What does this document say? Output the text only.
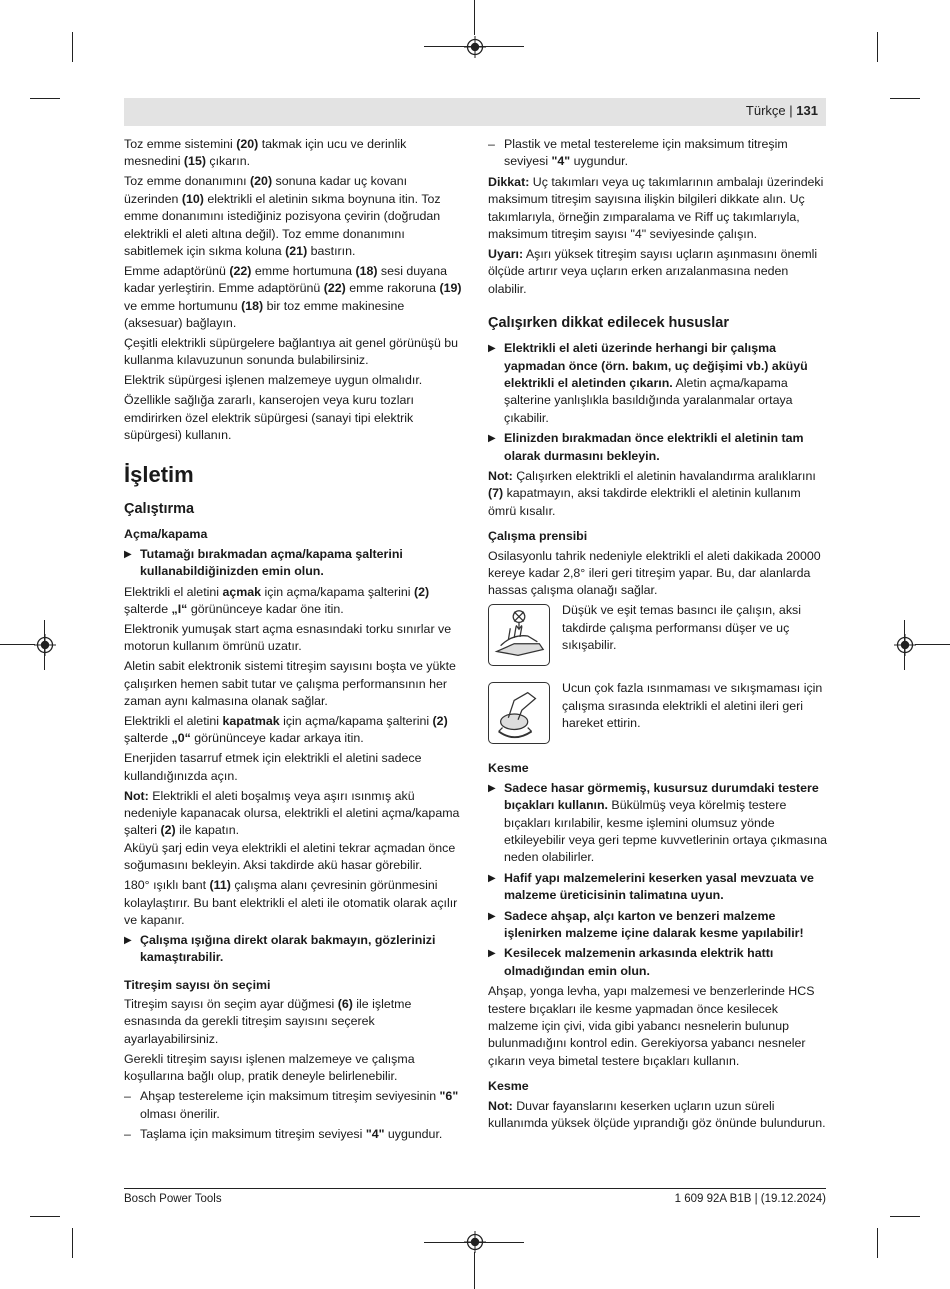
Türkçe | 131

Toz emme sistemini (20) takmak için ucu ve derinlik mesnedini (15) çıkarın.

Toz emme donanımını (20) sonuna kadar uç kovanı üzerinden (10) elektrikli el aletinin sıkma boynuna itin. Toz emme donanımını istediğiniz pozisyona çevirin (doğrudan elektrikli el aleti altına değil). Toz emme donanımını sabitlemek için sıkma koluna (21) bastırın.

Emme adaptörünü (22) emme hortumuna (18) sesi duyana kadar yerleştirin. Emme adaptörünü (22) emme rakoruna (19) ve emme hortumunu (18) bir toz emme makinesine (aksesuar) bağlayın.

Çeşitli elektrikli süpürgelere bağlantıya ait genel görünüşü bu kullanma kılavuzunun sonunda bulabilirsiniz.

Elektrik süpürgesi işlenen malzemeye uygun olmalıdır.

Özellikle sağlığa zararlı, kanserojen veya kuru tozları emdirirken özel elektrik süpürgesi (sanayi tipi elektrik süpürgesi) kullanın.

İşletim
Çalıştırma
Açma/kapama
▶ Tutamağı bırakmadan açma/kapama şalterini kullanabildiğinizden emin olun.

Elektrikli el aletini açmak için açma/kapama şalterini (2) şalterde „I“ görününceye kadar öne itin.

Elektronik yumuşak start açma esnasındaki torku sınırlar ve motorun kullanım ömrünü uzatır.

Aletin sabit elektronik sistemi titreşim sayısını boşta ve yükte çalışırken hemen sabit tutar ve çalışma performansının her zaman aynı kalmasına olanak sağlar.

Elektrikli el aletini kapatmak için açma/kapama şalterini (2) şalterde „0“ görününceye kadar arkaya itin.

Enerjiden tasarruf etmek için elektrikli el aletini sadece kullandığınızda açın.

Not: Elektrikli el aleti boşalmış veya aşırı ısınmış akü nedeniyle kapanacak olursa, elektrikli el aletini açma/kapama şalteri (2) ile kapatın.

Aküyü şarj edin veya elektrikli el aletini tekrar açmadan önce soğumasını bekleyin. Aksi takdirde akü hasar görebilir.

180° ışıklı bant (11) çalışma alanı çevresinin görünmesini kolaylaştırır. Bu bant elektrikli el aleti ile otomatik olarak açılır ve kapanır.

▶ Çalışma ışığına direkt olarak bakmayın, gözlerinizi kamaştırabilir.
Titreşim sayısı ön seçimi

Titreşim sayısı ön seçim ayar düğmesi (6) ile işletme esnasında da gerekli titreşim sayısını seçerek ayarlayabilirsiniz.

Gerekli titreşim sayısı işlenen malzemeye ve çalışma koşullarına bağlı olup, pratik deneyle belirlenebilir.

– Ahşap testereleme için maksimum titreşim seviyesinin "6" olması önerilir.
– Taşlama için maksimum titreşim seviyesi "4" uygundur.
– Plastik ve metal testereleme için maksimum titreşim seviyesi "4" uygundur.

Dikkat: Uç takımları veya uç takımlarının ambalajı üzerindeki maksimum titreşim sayısına ilişkin bilgileri dikkate alın. Uç takımlarıyla, örneğin zımparalama ve Riff uç takımlarıyla, maksimum titreşim sayısı "4" seviyesinde çalışın.

Uyarı: Aşırı yüksek titreşim sayısı uçların aşınmasını önemli ölçüde artırır veya uçların erken arızalanmasına neden olabilir.

Çalışırken dikkat edilecek hususlar
▶ Elektrikli el aleti üzerinde herhangi bir çalışma yapmadan önce (örn. bakım, uç değişimi vb.) aküyü elektrikli el aletinden çıkarın. Aletin açma/kapama şalterine yanlışlıkla basıldığında yaralanmalar ortaya çıkabilir.
▶ Elinizden bırakmadan önce elektrikli el aletinin tam olarak durmasını bekleyin.

Not: Çalışırken elektrikli el aletinin havalandırma aralıklarını (7) kapatmayın, aksi takdirde elektrikli el aletinin kullanım ömrü kısalır.

Çalışma prensibi

Osilasyonlu tahrik nedeniyle elektrikli el aleti dakikada 20000 kereye kadar 2,8° ileri geri titreşim yapar. Bu, dar alanlarda hassas çalışma olanağı sağlar.

Düşük ve eşit temas basıncı ile çalışın, aksi takdirde çalışma performansı düşer ve uç sıkışabilir.
Ucun çok fazla ısınmaması ve sıkışmaması için çalışma sırasında elektrikli el aletini ileri geri hareket ettirin.
Kesme
▶ Sadece hasar görmemiş, kusursuz durumdaki testere bıçakları kullanın. Bükülmüş veya körelmiş testere bıçakları kırılabilir, kesme işlemini olumsuz yönde etkileyebilir veya geri tepme kuvvetlerinin ortaya çıkmasına neden olabilirler.
▶ Hafif yapı malzemelerini keserken yasal mevzuata ve malzeme üreticisinin talimatına uyun.
▶ Sadece ahşap, alçı karton ve benzeri malzeme işlenirken malzeme içine dalarak kesme yapılabilir!
▶ Kesilecek malzemenin arkasında elektrik hattı olmadığından emin olun.

Ahşap, yonga levha, yapı malzemesi ve benzerlerinde HCS testere bıçakları ile kesme yapmadan önce kesilecek malzeme için çivi, vida gibi yabancı nesnelerin bulunup bulunmadığını kontrol edin. Gerekiyorsa yabancı nesneler çıkarın veya bimetal testere bıçakları kullanın.

Kesme

Not: Duvar fayanslarını keserken uçların uzun süreli kullanımda yüksek ölçüde yıprandığı göz önünde bulundurun.

Bosch Power Tools	1 609 92A B1B | (19.12.2024)
